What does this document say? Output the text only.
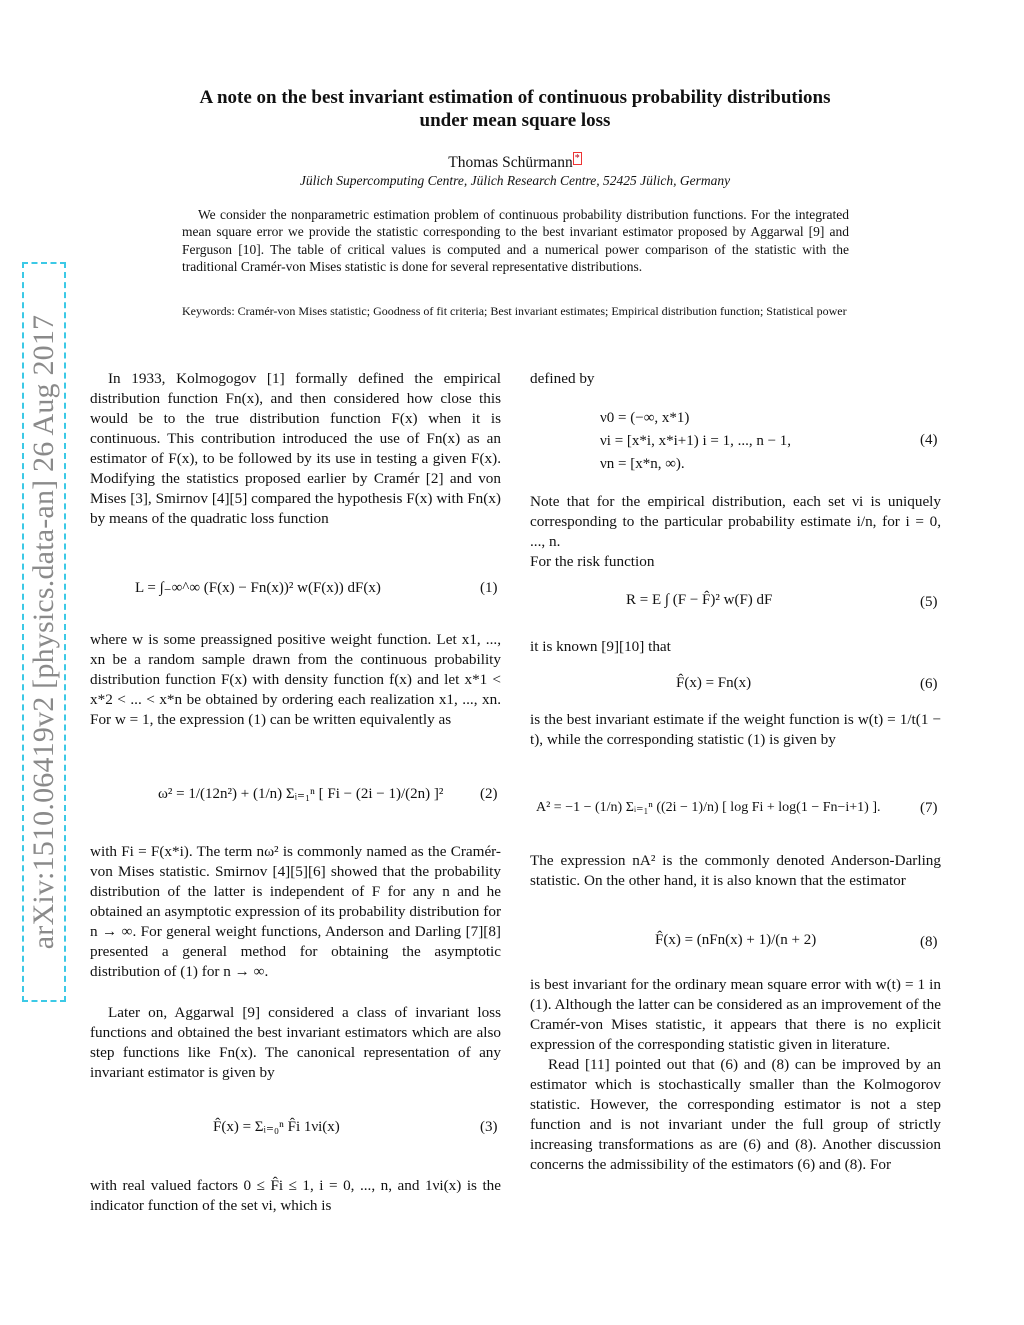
arXiv:1510.06419v2 [physics.data-an] 26 Aug 2017
A note on the best invariant estimation of continuous probability distributions
under mean square loss
Thomas Schürmann *
Jülich Supercomputing Centre, Jülich Research Centre, 52425 Jülich, Germany

We consider the nonparametric estimation problem of continuous probability distribution functions. For the integrated mean square error we provide the statistic corresponding to the best invariant estimator proposed by Aggarwal [9] and Ferguson [10]. The table of critical values is computed and a numerical power comparison of the statistic with the traditional Cramér-von Mises statistic is done for several representative distributions.

Keywords: Cramér-von Mises statistic; Goodness of fit criteria; Best invariant estimates; Empirical distribution function; Statistical power

In 1933, Kolmogogov [1] formally defined the empirical distribution function Fn(x), and then considered how close this would be to the true distribution function F(x) when it is continuous. This contribution introduced the use of Fn(x) as an estimator of F(x), to be followed by its use in testing a given F(x). Modifying the statistics proposed earlier by Cramér [2] and von Mises [3], Smirnov [4][5] compared the hypothesis F(x) with Fn(x) by means of the quadratic loss function

L = ∫₋∞^∞ (F(x) − Fn(x))² w(F(x)) dF(x)	(1)

where w is some preassigned positive weight function. Let x1, ..., xn be a random sample drawn from the continuous probability distribution function F(x) with density function f(x) and let x*1 < x*2 < ... < x*n be obtained by ordering each realization x1, ..., xn. For w = 1, the expression (1) can be written equivalently as

ω² = 1/(12n²) + (1/n) Σᵢ₌₁ⁿ [ Fi − (2i − 1)/(2n) ]² (2)

with Fi = F(x*i). The term nω² is commonly named as the Cramér-von Mises statistic. Smirnov [4][5][6] showed that the probability distribution of the latter is independent of F for any n and he obtained an asymptotic expression of its probability distribution for n → ∞. For general weight functions, Anderson and Darling [7][8] presented a general method for obtaining the asymptotic distribution of (1) for n → ∞.

Later on, Aggarwal [9] considered a class of invariant loss functions and obtained the best invariant estimators which are also step functions like Fn(x). The canonical representation of any invariant estimator is given by

F̂(x) = Σᵢ₌₀ⁿ F̂i 1νi(x)	(3)

with real valued factors 0 ≤ F̂i ≤ 1, i = 0, ..., n, and 1νi(x) is the indicator function of the set νi, which is

defined by

ν0 = (−∞, x*1)
νi = [x*i, x*i+1) i = 1, ..., n − 1,
νn = [x*n, ∞).
(4)

Note that for the empirical distribution, each set νi is uniquely corresponding to the particular probability estimate i/n, for i = 0, ..., n.

For the risk function

R = E ∫ (F − F̂)² w(F) dF	(5)

it is known [9][10] that

F̂(x) = Fn(x)	(6)

is the best invariant estimate if the weight function is w(t) = 1/t(1 − t), while the corresponding statistic (1) is given by

A² = −1 − (1/n) Σᵢ₌₁ⁿ ((2i − 1)/n) [ log Fi + log(1 − Fn−i+1) ].	(7)

The expression nA² is the commonly denoted Anderson-Darling statistic. On the other hand, it is also known that the estimator

F̂(x) = (nFn(x) + 1)/(n + 2)	(8)

is best invariant for the ordinary mean square error with w(t) = 1 in (1). Although the latter can be considered as an improvement of the Cramér-von Mises statistic, it appears that there is no explicit expression of the corresponding statistic given in literature.

Read [11] pointed out that (6) and (8) can be improved by an estimator which is stochastically smaller than the Kolmogorov statistic. However, the corresponding estimator is not a step function and is not invariant under the full group of strictly increasing transformations as are (6) and (8). Another discussion concerns the admissibility of the estimators (6) and (8). For
